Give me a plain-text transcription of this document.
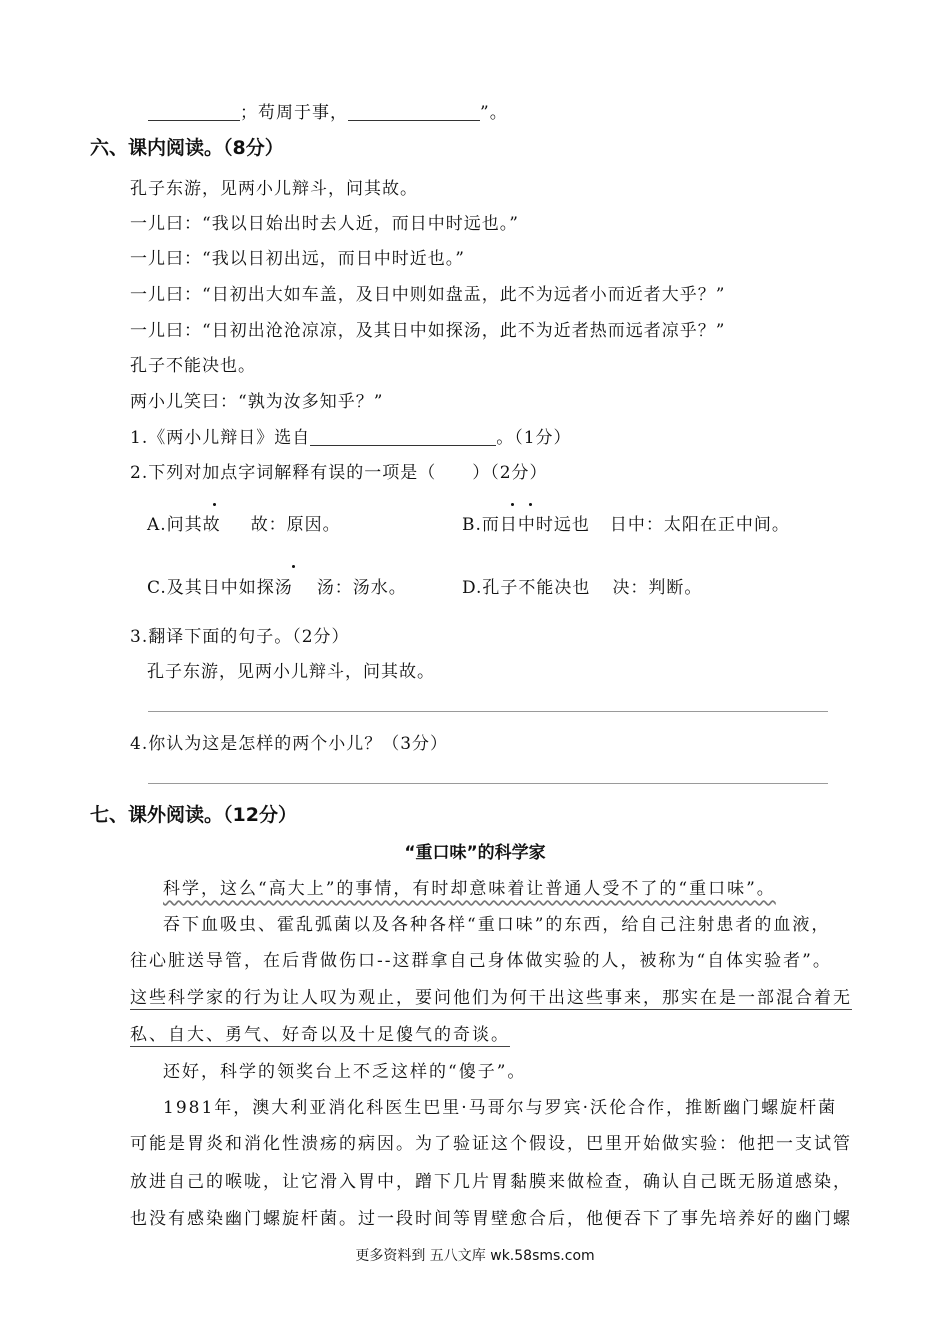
；苟周于事，	”。
六、课内阅读。（8分）
孔子东游，见两小儿辩斗，问其故。
一儿曰：“我以日始出时去人近，而日中时远也。”
一儿曰：“我以日初出远，而日中时近也。”
一儿曰：“日初出大如车盖，及日中则如盘盂，此不为远者小而近者大乎？”
一儿曰：“日初出沧沧凉凉，及其日中如探汤，此不为近者热而远者凉乎？”
孔子不能决也。
两小儿笑曰：“孰为汝多知乎？”
1.《两小儿辩日》选自	。（1分）
2.下列对加点字词解释有误的一项是（　　）（2分）
A.问其故 故：原因。	B.而日中时远也 日中：太阳在正中间。
C.及其日中如探汤 汤：汤水。	D.孔子不能决也 决：判断。
3.翻译下面的句子。（2分）
孔子东游，见两小儿辩斗，问其故。
4.你认为这是怎样的两个小儿？（3分）
七、课外阅读。（12分）
“重口味”的科学家
科学，这么“高大上”的事情，有时却意味着让普通人受不了的“重口味”。
吞下血吸虫、霍乱弧菌以及各种各样“重口味”的东西，给自己注射患者的血液，
往心脏送导管，在后背做伤口--这群拿自己身体做实验的人，被称为“自体实验者”。
这些科学家的行为让人叹为观止，要问他们为何干出这些事来，那实在是一部混合着无
私、自大、勇气、好奇以及十足傻气的奇谈。
还好，科学的领奖台上不乏这样的“傻子”。
1981年，澳大利亚消化科医生巴里·马哥尔与罗宾·沃伦合作，推断幽门螺旋杆菌
可能是胃炎和消化性溃疡的病因。为了验证这个假设，巴里开始做实验：他把一支试管
放进自己的喉咙，让它滑入胃中，蹭下几片胃黏膜来做检查，确认自己既无肠道感染，
也没有感染幽门螺旋杆菌。过一段时间等胃壁愈合后，他便吞下了事先培养好的幽门螺
更多资料到 五八文库 wk.58sms.com
